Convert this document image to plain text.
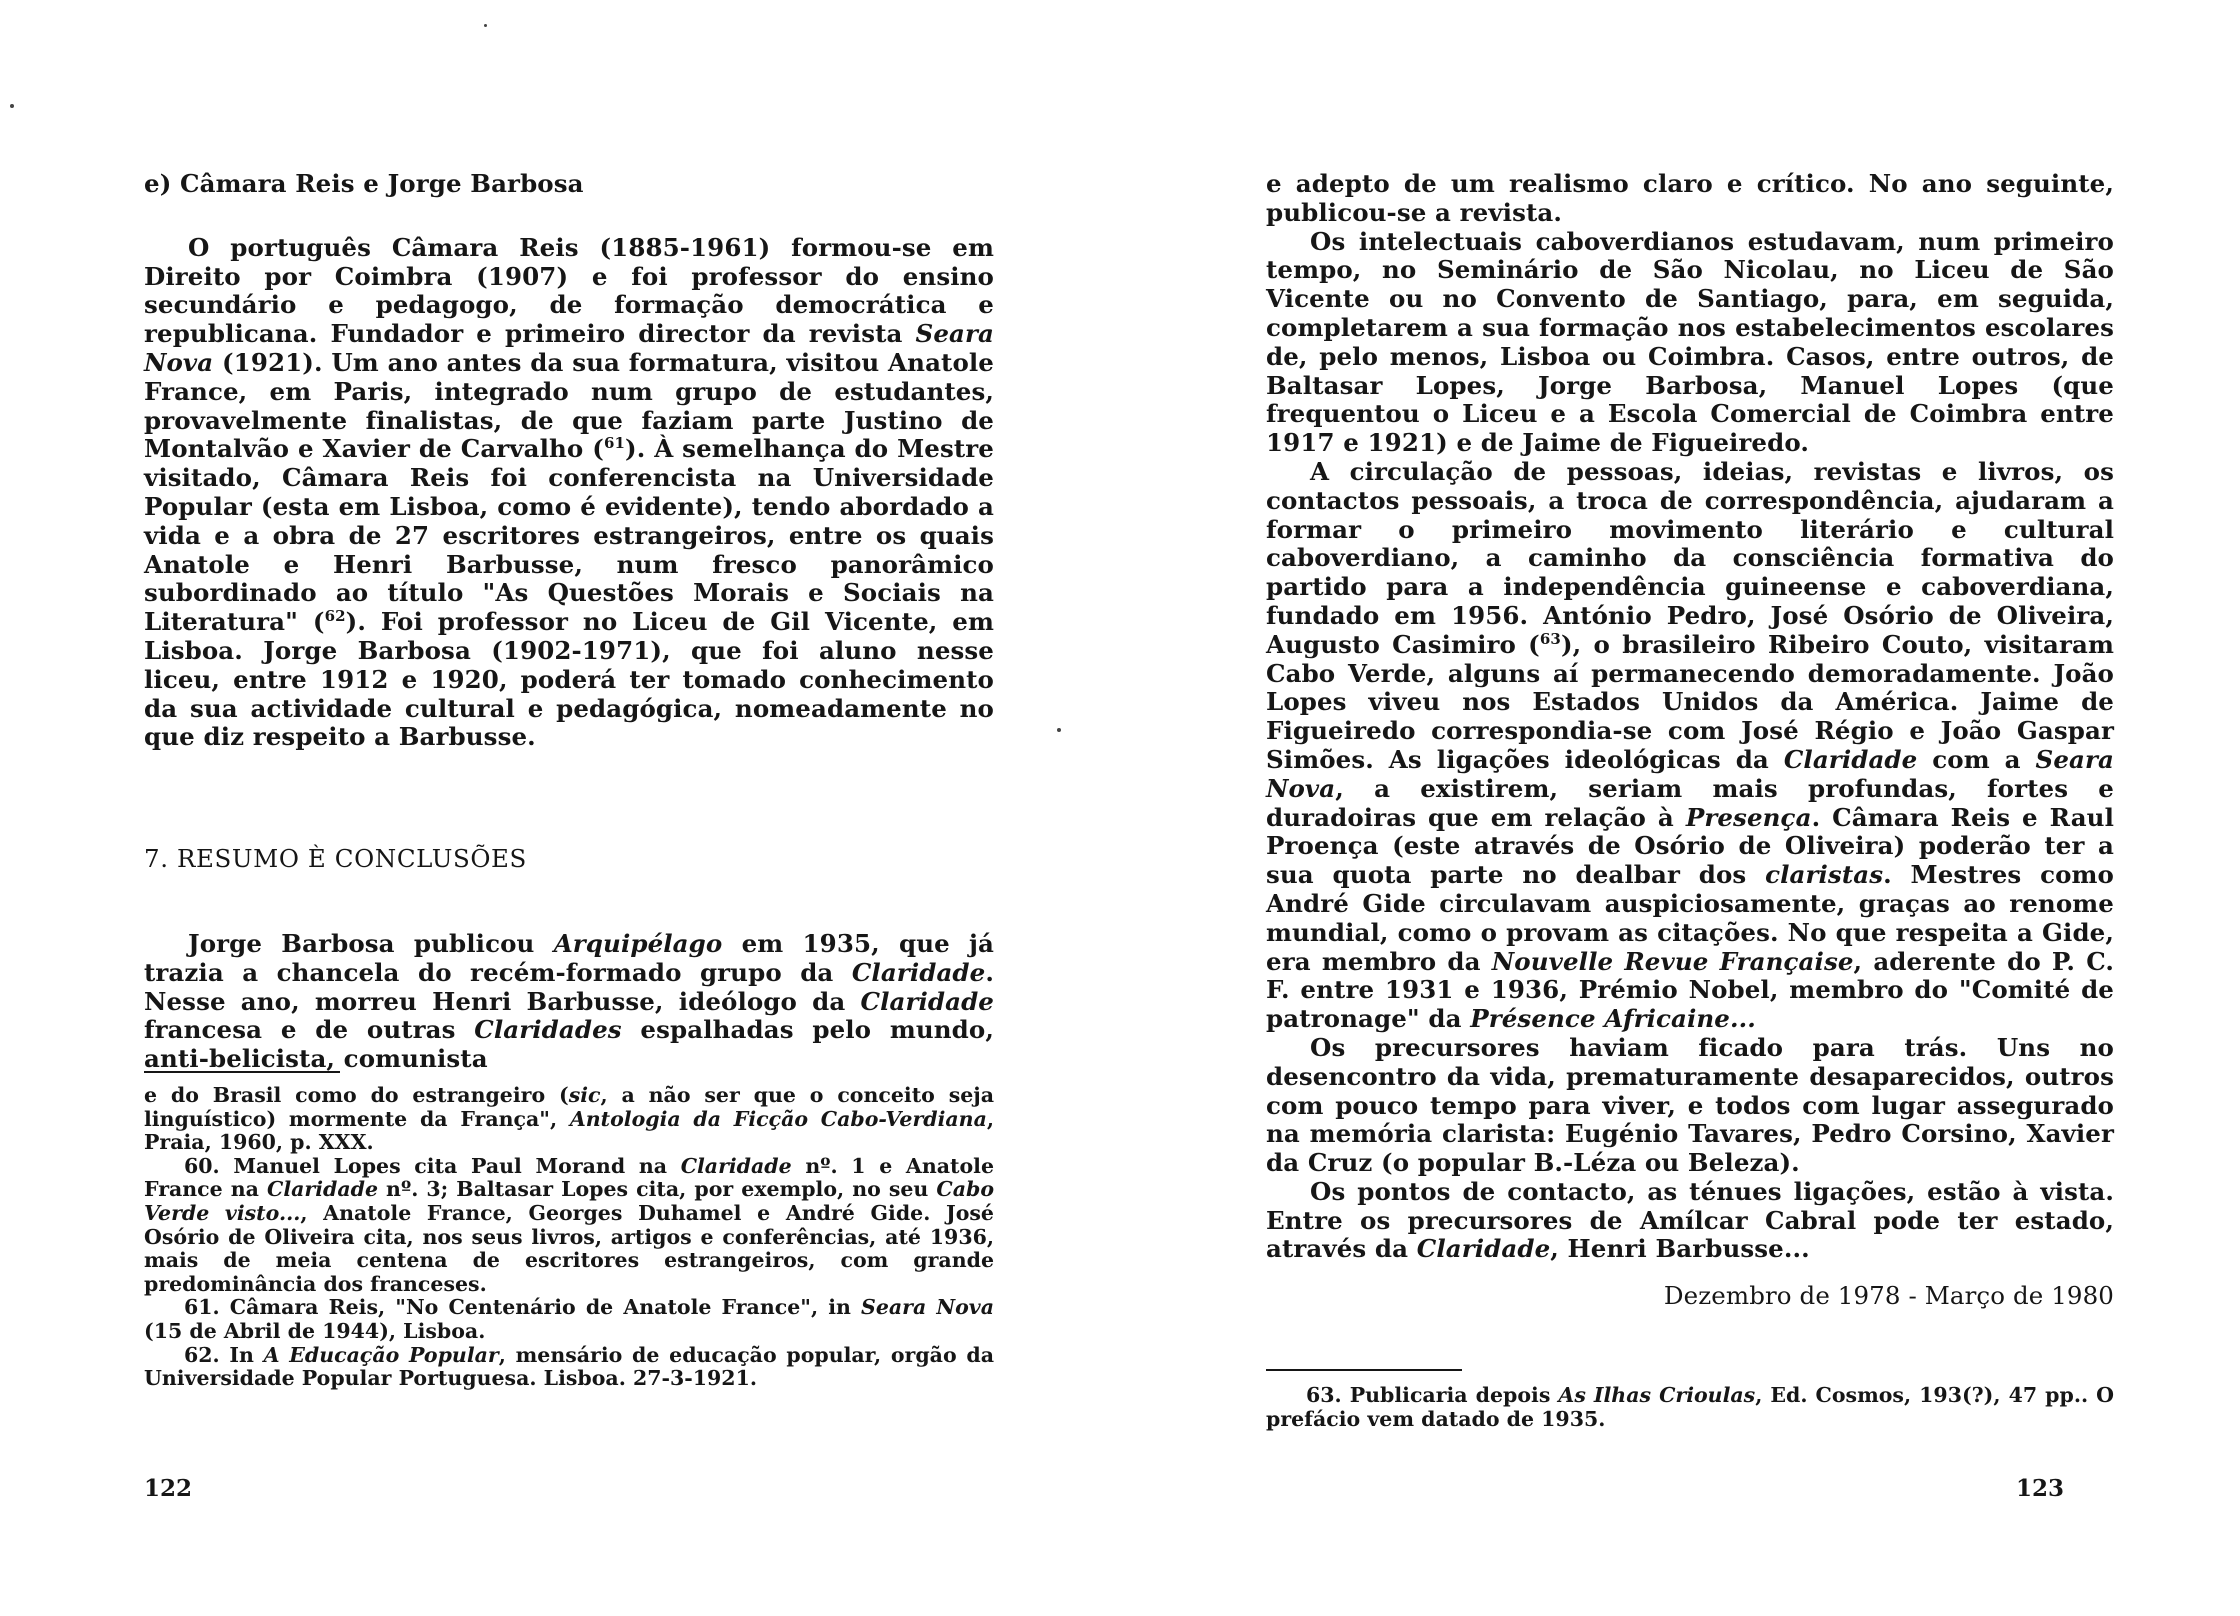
e) Câmara Reis e Jorge Barbosa

O português Câmara Reis (1885-1961) formou-se em Direito por Coimbra (1907) e foi professor do ensino secundário e pedagogo, de formação democrática e republicana. Fundador e primeiro director da revista Seara Nova (1921). Um ano antes da sua formatura, visitou Anatole France, em Paris, integrado num grupo de estudantes, provavelmente finalistas, de que faziam parte Justino de Montalvão e Xavier de Carvalho ($^{61}$). À semelhança do Mestre visitado, Câmara Reis foi conferencista na Universidade Popular (esta em Lisboa, como é evidente), tendo abordado a vida e a obra de 27 escritores estrangeiros, entre os quais Anatole e Henri Barbusse, num fresco panorâmico subordinado ao título "As Questões Morais e Sociais na Literatura" ($^{62}$). Foi professor no Liceu de Gil Vicente, em Lisboa. Jorge Barbosa (1902-1971), que foi aluno nesse liceu, entre 1912 e 1920, poderá ter tomado conhecimento da sua actividade cultural e pedagógica, nomeadamente no que diz respeito a Barbusse.

7. RESUMO È CONCLUSÕES

Jorge Barbosa publicou Arquipélago em 1935, que já trazia a chancela do recém-formado grupo da Claridade. Nesse ano, morreu Henri Barbusse, ideólogo da Claridade francesa e de outras Claridades espalhadas pelo mundo, anti-belicista, comunista

e do Brasil como do estrangeiro (sic, a não ser que o conceito seja linguístico) mormente da França", Antologia da Ficção Cabo-Verdiana, Praia, 1960, p. XXX.

60. Manuel Lopes cita Paul Morand na Claridade nº. 1 e Anatole France na Claridade nº. 3; Baltasar Lopes cita, por exemplo, no seu Cabo Verde visto..., Anatole France, Georges Duhamel e André Gide. José Osório de Oliveira cita, nos seus livros, artigos e conferências, até 1936, mais de meia centena de escritores estrangeiros, com grande predominância dos franceses.

61. Câmara Reis, "No Centenário de Anatole France", in Seara Nova (15 de Abril de 1944), Lisboa.

62. In A Educação Popular, mensário de educação popular, orgão da Universidade Popular Portuguesa. Lisboa. 27-3-1921.

122

e adepto de um realismo claro e crítico. No ano seguinte, publicou-se a revista.

Os intelectuais caboverdianos estudavam, num primeiro tempo, no Seminário de São Nicolau, no Liceu de São Vicente ou no Convento de Santiago, para, em seguida, completarem a sua formação nos estabelecimentos escolares de, pelo menos, Lisboa ou Coimbra. Casos, entre outros, de Baltasar Lopes, Jorge Barbosa, Manuel Lopes (que frequentou o Liceu e a Escola Comercial de Coimbra entre 1917 e 1921) e de Jaime de Figueiredo.

A circulação de pessoas, ideias, revistas e livros, os contactos pessoais, a troca de correspondência, ajudaram a formar o primeiro movimento literário e cultural caboverdiano, a caminho da consciência formativa do partido para a independência guineense e caboverdiana, fundado em 1956. António Pedro, José Osório de Oliveira, Augusto Casimiro ($^{63}$), o brasileiro Ribeiro Couto, visitaram Cabo Verde, alguns aí permanecendo demoradamente. João Lopes viveu nos Estados Unidos da América. Jaime de Figueiredo correspondia-se com José Régio e João Gaspar Simões. As ligações ideológicas da Claridade com a Seara Nova, a existirem, seriam mais profundas, fortes e duradoiras que em relação à Presença. Câmara Reis e Raul Proença (este através de Osório de Oliveira) poderão ter a sua quota parte no dealbar dos claristas. Mestres como André Gide circulavam auspiciosamente, graças ao renome mundial, como o provam as citações. No que respeita a Gide, era membro da Nouvelle Revue Française, aderente do P. C. F. entre 1931 e 1936, Prémio Nobel, membro do "Comité de patronage" da Présence Africaine...

Os precursores haviam ficado para trás. Uns no desencontro da vida, prematuramente desaparecidos, outros com pouco tempo para viver, e todos com lugar assegurado na memória clarista: Eugénio Tavares, Pedro Corsino, Xavier da Cruz (o popular B.-Léza ou Beleza).

Os pontos de contacto, as ténues ligações, estão à vista. Entre os precursores de Amílcar Cabral pode ter estado, através da Claridade, Henri Barbusse...

Dezembro de 1978 - Março de 1980

63. Publicaria depois As Ilhas Crioulas, Ed. Cosmos, 193(?), 47 pp.. O prefácio vem datado de 1935.

123
